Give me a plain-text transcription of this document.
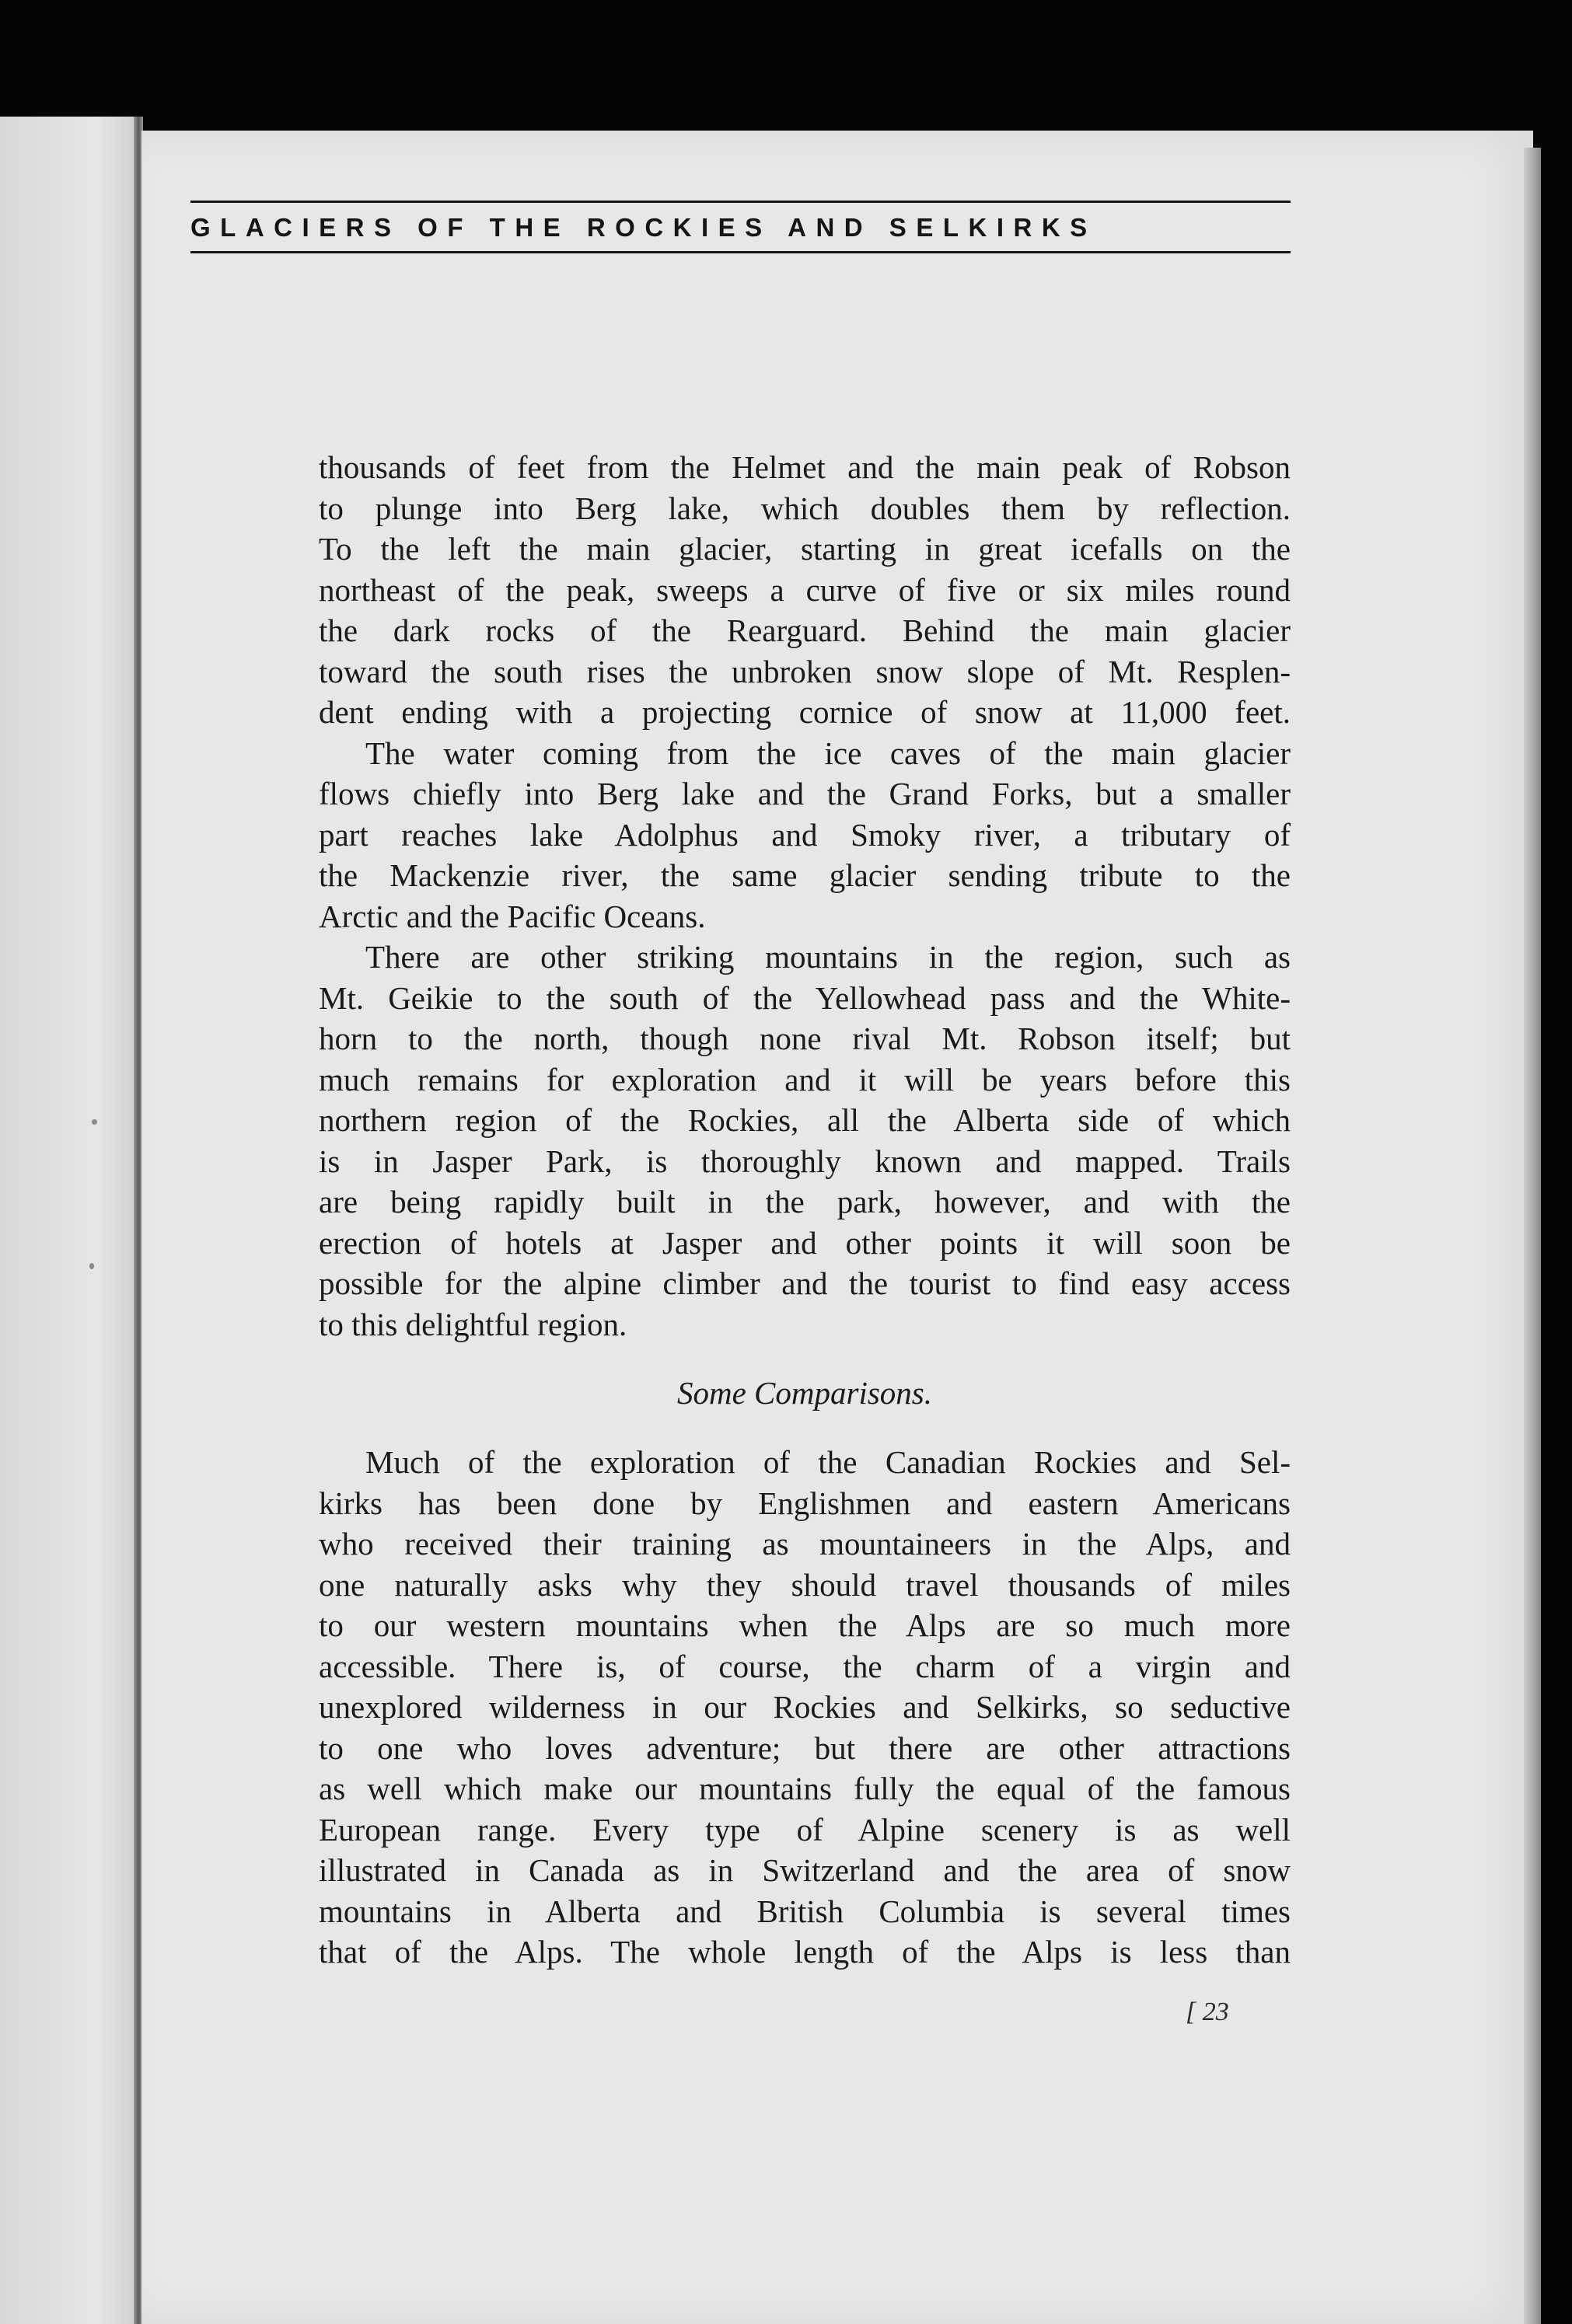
GLACIERS OF THE ROCKIES AND SELKIRKS
thousands of feet from the Helmet and the main peak of Robson
to plunge into Berg lake, which doubles them by reflection.
To the left the main glacier, starting in great icefalls on the
northeast of the peak, sweeps a curve of five or six miles round
the dark rocks of the Rearguard. Behind the main glacier
toward the south rises the unbroken snow slope of Mt. Resplen-
dent ending with a projecting cornice of snow at 11,000 feet.
The water coming from the ice caves of the main glacier
flows chiefly into Berg lake and the Grand Forks, but a smaller
part reaches lake Adolphus and Smoky river, a tributary of
the Mackenzie river, the same glacier sending tribute to the
Arctic and the Pacific Oceans.
There are other striking mountains in the region, such as
Mt. Geikie to the south of the Yellowhead pass and the White-
horn to the north, though none rival Mt. Robson itself; but
much remains for exploration and it will be years before this
northern region of the Rockies, all the Alberta side of which
is in Jasper Park, is thoroughly known and mapped. Trails
are being rapidly built in the park, however, and with the
erection of hotels at Jasper and other points it will soon be
possible for the alpine climber and the tourist to find easy access
to this delightful region.
Some Comparisons.
Much of the exploration of the Canadian Rockies and Sel-
kirks has been done by Englishmen and eastern Americans
who received their training as mountaineers in the Alps, and
one naturally asks why they should travel thousands of miles
to our western mountains when the Alps are so much more
accessible. There is, of course, the charm of a virgin and
unexplored wilderness in our Rockies and Selkirks, so seductive
to one who loves adventure; but there are other attractions
as well which make our mountains fully the equal of the famous
European range. Every type of Alpine scenery is as well
illustrated in Canada as in Switzerland and the area of snow
mountains in Alberta and British Columbia is several times
that of the Alps. The whole length of the Alps is less than
[ 23
